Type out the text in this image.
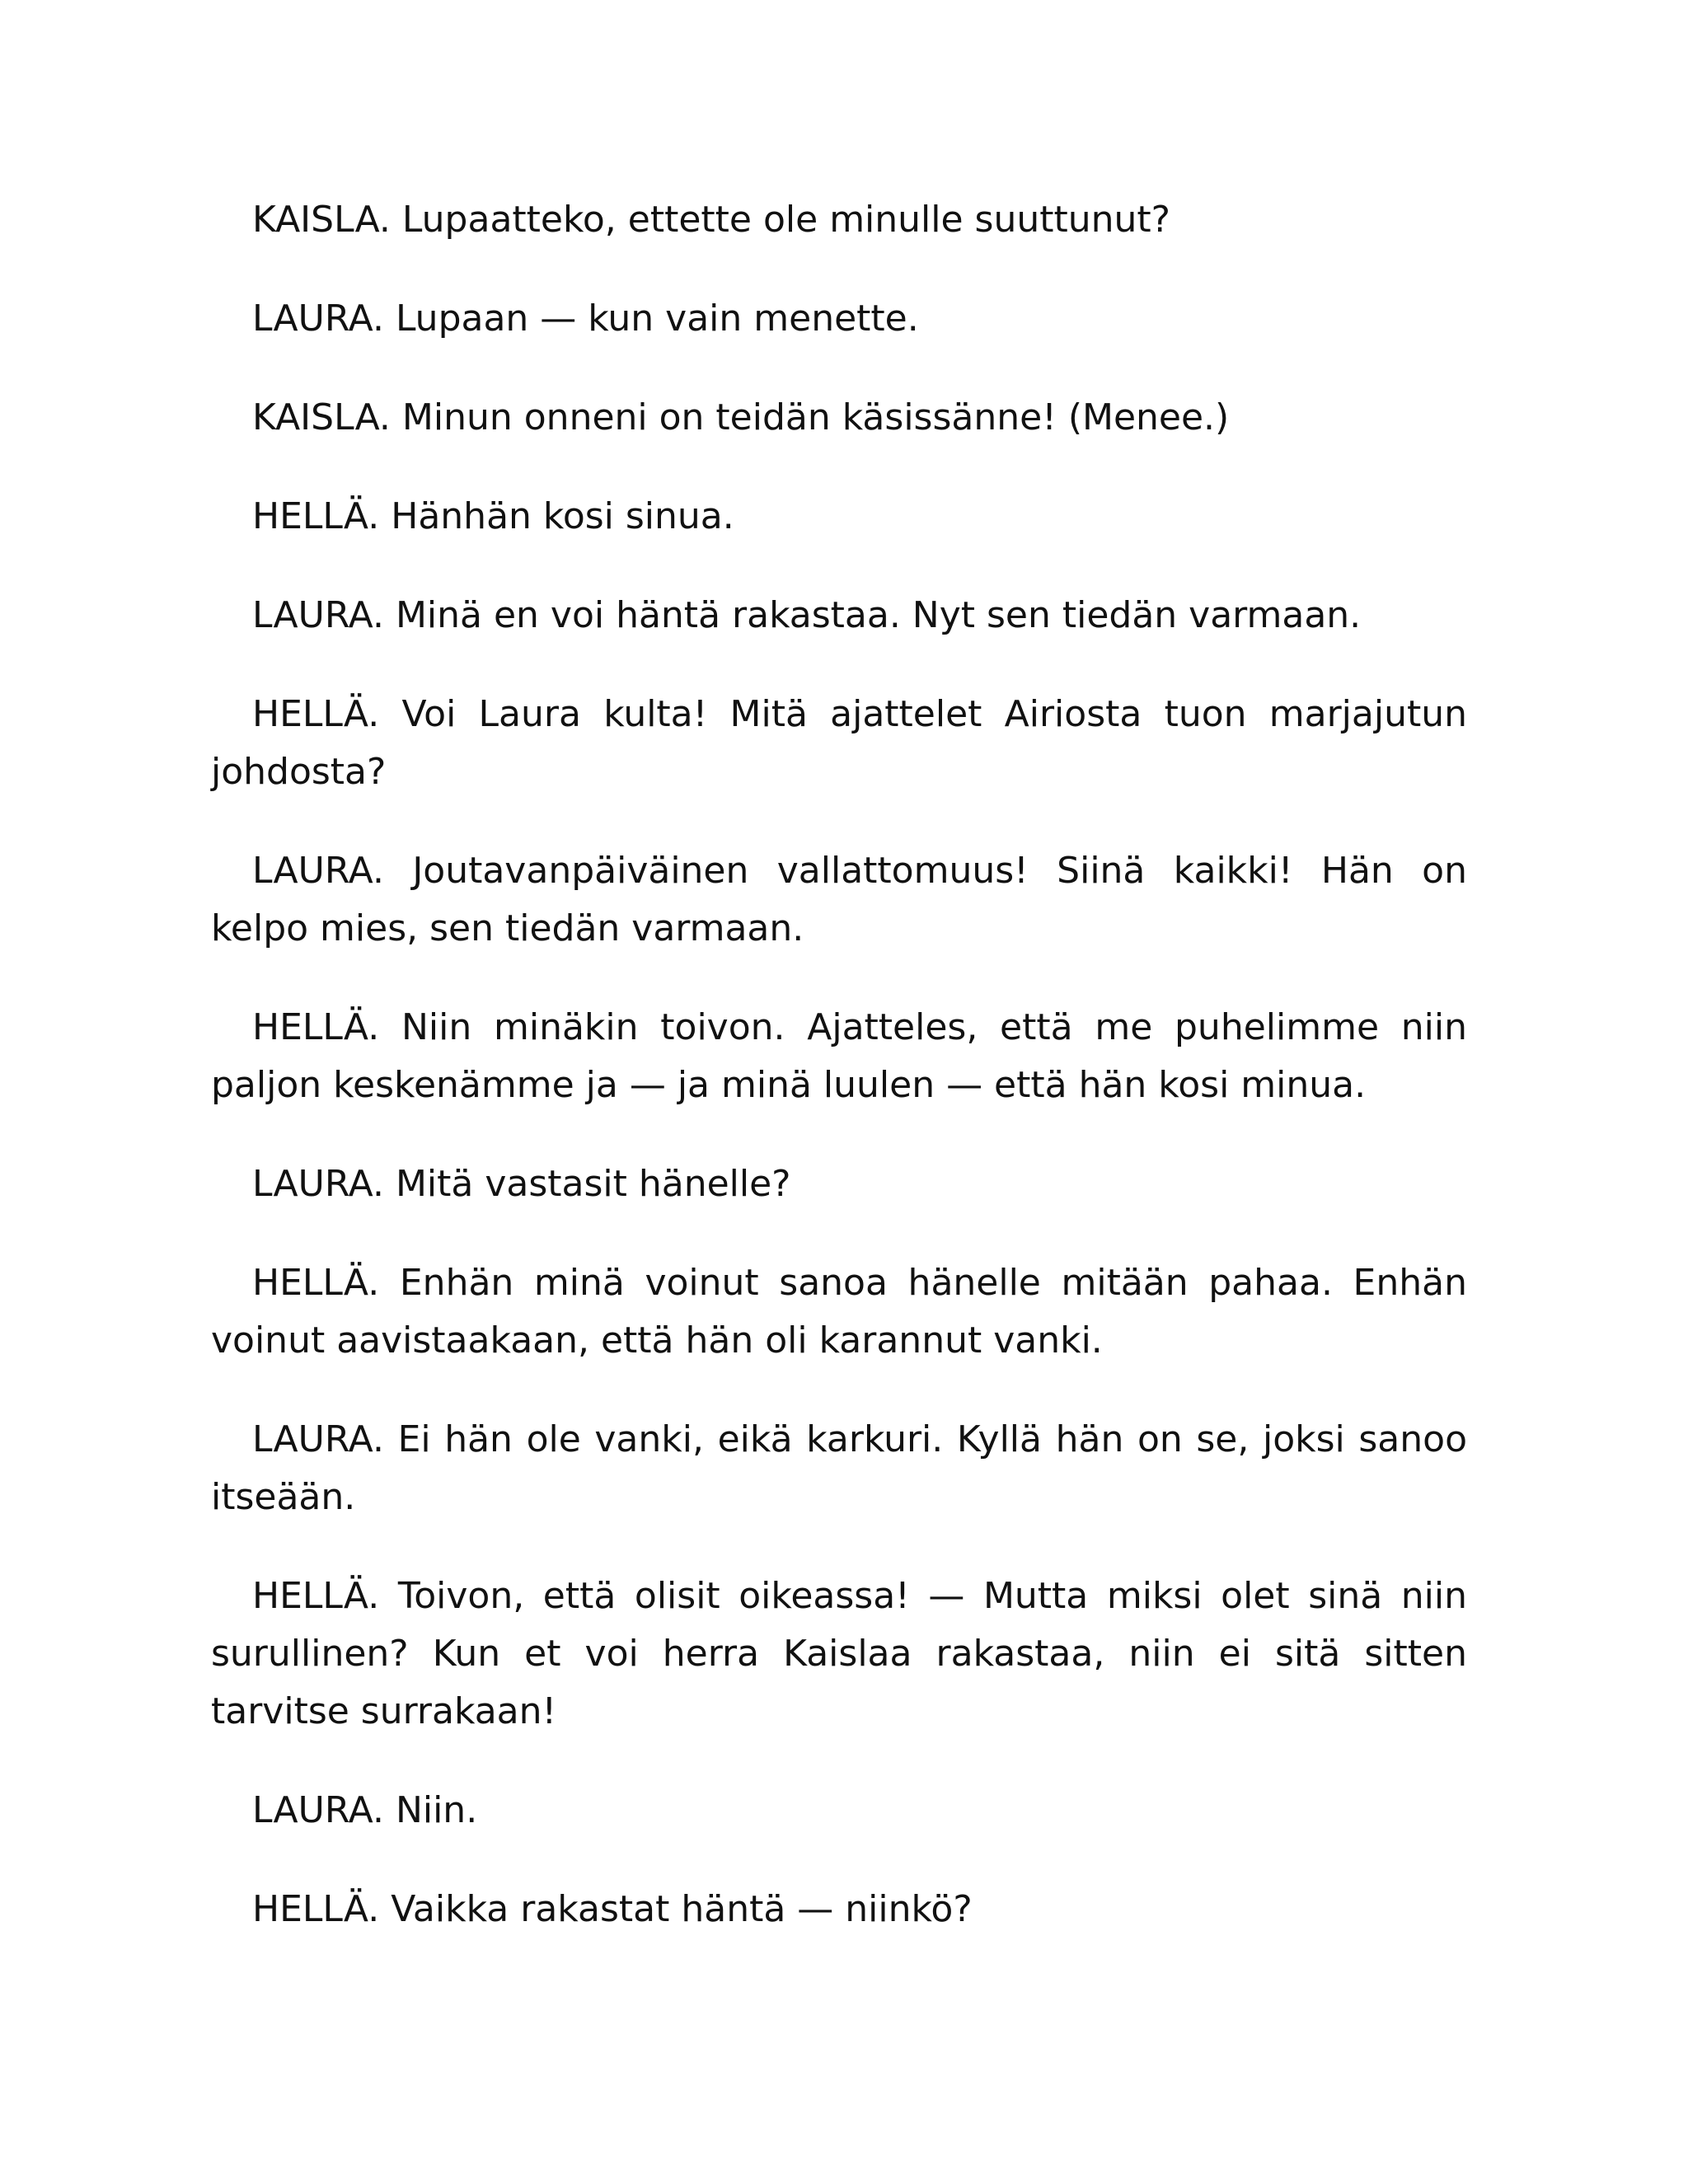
KAISLA. Lupaatteko, ettette ole minulle suuttunut?

LAURA. Lupaan — kun vain menette.

KAISLA. Minun onneni on teidän käsissänne! (Menee.)

HELLÄ. Hänhän kosi sinua.

LAURA. Minä en voi häntä rakastaa. Nyt sen tiedän varmaan.

HELLÄ. Voi Laura kulta! Mitä ajattelet Airiosta tuon marjajutun johdosta?

LAURA. Joutavanpäiväinen vallattomuus! Siinä kaikki! Hän on kelpo mies, sen tiedän varmaan.

HELLÄ. Niin minäkin toivon. Ajatteles, että me puhelimme niin paljon keskenämme ja — ja minä luulen — että hän kosi minua.

LAURA. Mitä vastasit hänelle?

HELLÄ. Enhän minä voinut sanoa hänelle mitään pahaa. Enhän voinut aavistaakaan, että hän oli karannut vanki.

LAURA. Ei hän ole vanki, eikä karkuri. Kyllä hän on se, joksi sanoo itseään.

HELLÄ. Toivon, että olisit oikeassa! — Mutta miksi olet sinä niin surullinen? Kun et voi herra Kaislaa rakastaa, niin ei sitä sitten tarvitse surrakaan!

LAURA. Niin.

HELLÄ. Vaikka rakastat häntä — niinkö?
